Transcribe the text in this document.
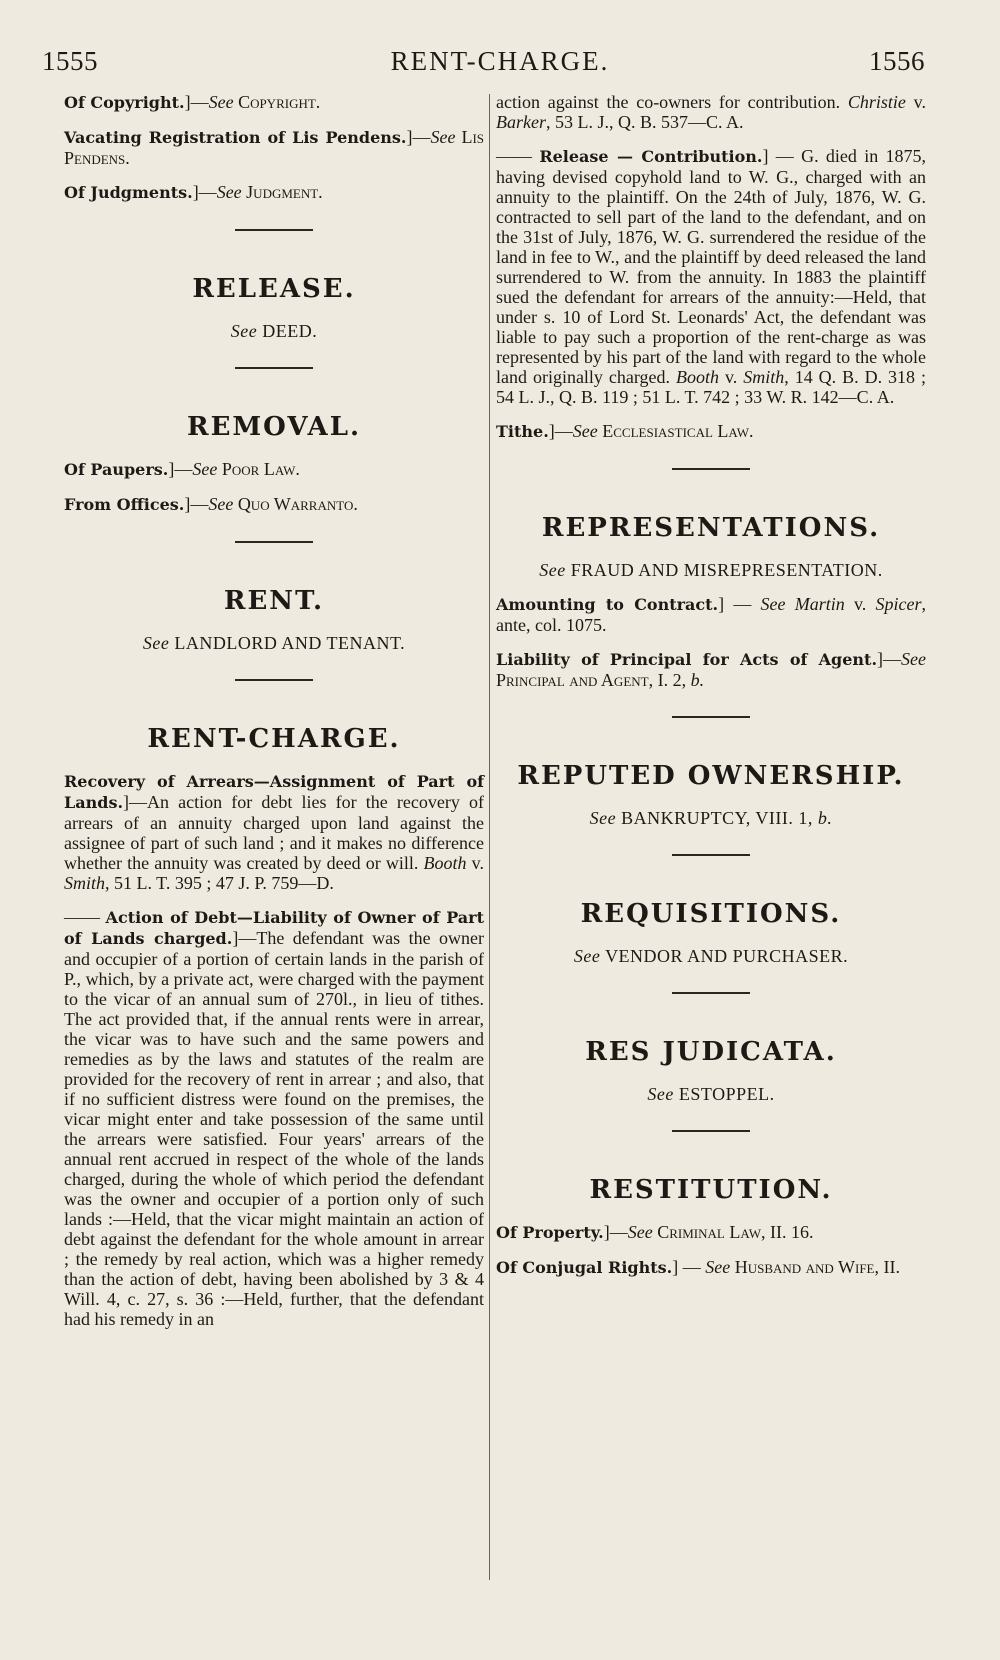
1555	RENT-CHARGE.	1556

Of Copyright.]—See Copyright.

Vacating Registration of Lis Pendens.]—See Lis Pendens.

Of Judgments.]—See Judgment.

RELEASE.
See DEED.
REMOVAL.

Of Paupers.]—See Poor Law.

From Offices.]—See Quo Warranto.

RENT.
See LANDLORD AND TENANT.
RENT-CHARGE.

Recovery of Arrears—Assignment of Part of Lands.]—An action for debt lies for the recovery of arrears of an annuity charged upon land against the assignee of part of such land ; and it makes no difference whether the annuity was created by deed or will. Booth v. Smith, 51 L. T. 395 ; 47 J. P. 759—D.

—— Action of Debt—Liability of Owner of Part of Lands charged.]—The defendant was the owner and occupier of a portion of certain lands in the parish of P., which, by a private act, were charged with the payment to the vicar of an annual sum of 270l., in lieu of tithes. The act provided that, if the annual rents were in arrear, the vicar was to have such and the same powers and remedies as by the laws and statutes of the realm are provided for the recovery of rent in arrear ; and also, that if no sufficient distress were found on the premises, the vicar might enter and take possession of the same until the arrears were satisfied. Four years' arrears of the annual rent accrued in respect of the whole of the lands charged, during the whole of which period the defendant was the owner and occupier of a portion only of such lands :—Held, that the vicar might maintain an action of debt against the defendant for the whole amount in arrear ; the remedy by real action, which was a higher remedy than the action of debt, having been abolished by 3 & 4 Will. 4, c. 27, s. 36 :—Held, further, that the defendant had his remedy in an

action against the co-owners for contribution. Christie v. Barker, 53 L. J., Q. B. 537—C. A.

—— Release — Contribution.] — G. died in 1875, having devised copyhold land to W. G., charged with an annuity to the plaintiff. On the 24th of July, 1876, W. G. contracted to sell part of the land to the defendant, and on the 31st of July, 1876, W. G. surrendered the residue of the land in fee to W., and the plaintiff by deed released the land surrendered to W. from the annuity. In 1883 the plaintiff sued the defendant for arrears of the annuity:—Held, that under s. 10 of Lord St. Leonards' Act, the defendant was liable to pay such a proportion of the rent-charge as was represented by his part of the land with regard to the whole land originally charged. Booth v. Smith, 14 Q. B. D. 318 ; 54 L. J., Q. B. 119 ; 51 L. T. 742 ; 33 W. R. 142—C. A.

Tithe.]—See Ecclesiastical Law.

REPRESENTATIONS.
See FRAUD AND MISREPRESENTATION.

Amounting to Contract.] — See Martin v. Spicer, ante, col. 1075.

Liability of Principal for Acts of Agent.]—See Principal and Agent, I. 2, b.

REPUTED OWNERSHIP.
See BANKRUPTCY, VIII. 1, b.
REQUISITIONS.
See VENDOR AND PURCHASER.
RES JUDICATA.
See ESTOPPEL.
RESTITUTION.

Of Property.]—See Criminal Law, II. 16.

Of Conjugal Rights.] — See Husband and Wife, II.
